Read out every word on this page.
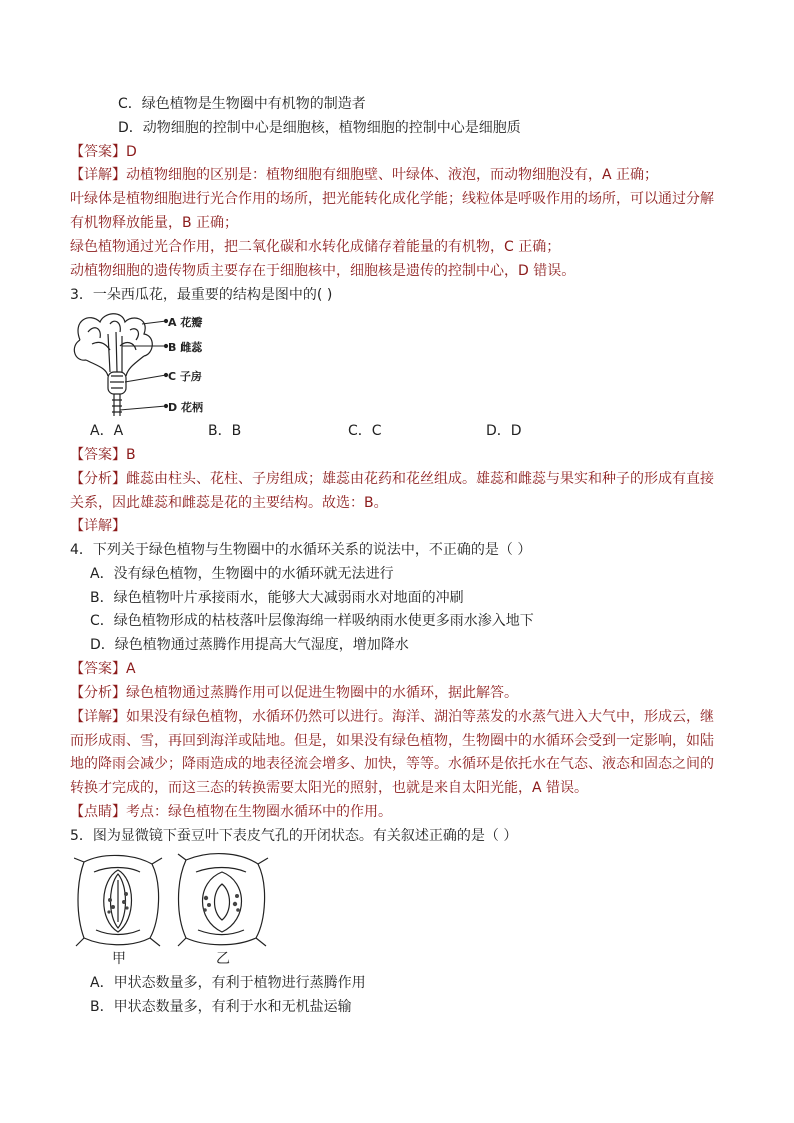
C．绿色植物是生物圈中有机物的制造者
D．动物细胞的控制中心是细胞核，植物细胞的控制中心是细胞质
【答案】D
【详解】动植物细胞的区别是：植物细胞有细胞壁、叶绿体、液泡，而动物细胞没有，A 正确；
叶绿体是植物细胞进行光合作用的场所，把光能转化成化学能；线粒体是呼吸作用的场所，可以通过分解
有机物释放能量，B 正确；
绿色植物通过光合作用，把二氧化碳和水转化成储存着能量的有机物，C 正确；
动植物细胞的遗传物质主要存在于细胞核中，细胞核是遗传的控制中心，D 错误。
3．一朵西瓜花，最重要的结构是图中的( )
A 花瓣
B 雌蕊
C 子房
D 花柄
A．A	B．B	C．C	D．D
【答案】B
【分析】雌蕊由柱头、花柱、子房组成；雄蕊由花药和花丝组成。雄蕊和雌蕊与果实和种子的形成有直接
关系，因此雄蕊和雌蕊是花的主要结构。故选：B。
【详解】
4．下列关于绿色植物与生物圈中的水循环关系的说法中，不正确的是（ ）
A．没有绿色植物，生物圈中的水循环就无法进行
B．绿色植物叶片承接雨水，能够大大减弱雨水对地面的冲刷
C．绿色植物形成的枯枝落叶层像海绵一样吸纳雨水使更多雨水渗入地下
D．绿色植物通过蒸腾作用提高大气湿度，增加降水
【答案】A
【分析】绿色植物通过蒸腾作用可以促进生物圈中的水循环，据此解答。
【详解】如果没有绿色植物，水循环仍然可以进行。海洋、湖泊等蒸发的水蒸气进入大气中，形成云，继
而形成雨、雪，再回到海洋或陆地。但是，如果没有绿色植物，生物圈中的水循环会受到一定影响，如陆
地的降雨会减少；降雨造成的地表径流会增多、加快，等等。水循环是依托水在气态、液态和固态之间的
转换才完成的，而这三态的转换需要太阳光的照射，也就是来自太阳光能，A 错误。
【点睛】考点：绿色植物在生物圈水循环中的作用。
5．图为显微镜下蚕豆叶下表皮气孔的开闭状态。有关叙述正确的是（ ）
甲	乙
A．甲状态数量多，有利于植物进行蒸腾作用
B．甲状态数量多，有利于水和无机盐运输
